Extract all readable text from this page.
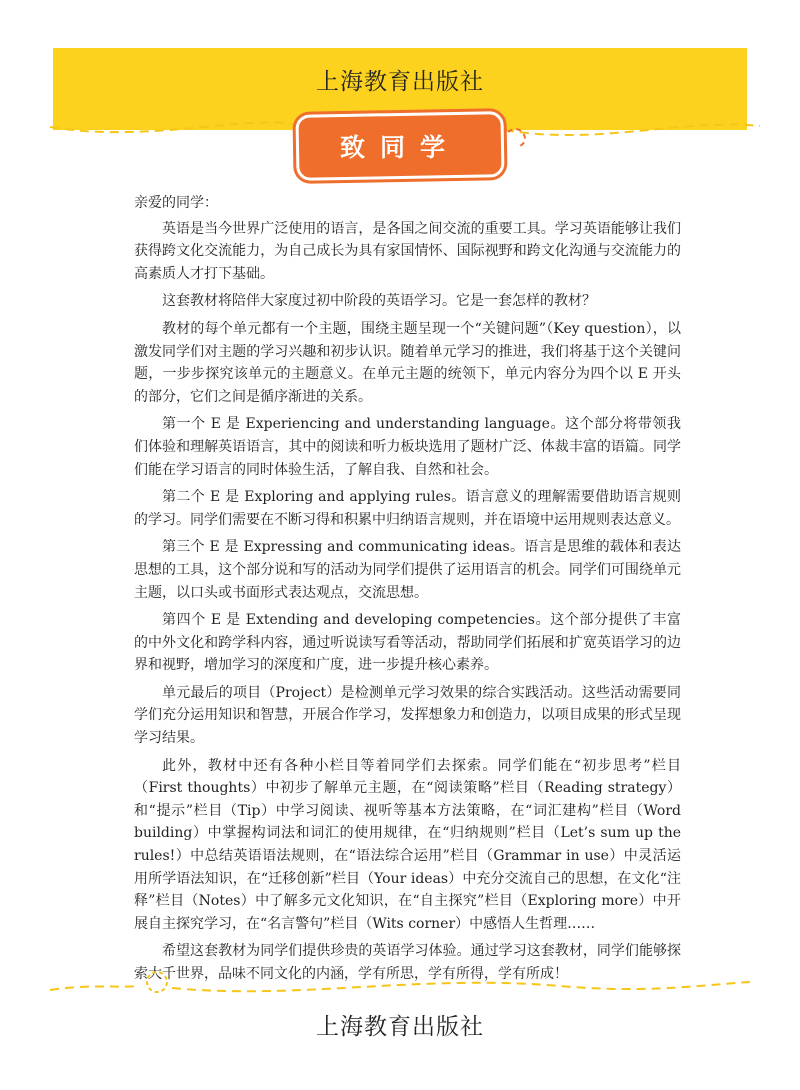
上海教育出版社
致同学

亲爱的同学：

英语是当今世界广泛使用的语言，是各国之间交流的重要工具。学习英语能够让我们获得跨文化交流能力，为自己成长为具有家国情怀、国际视野和跨文化沟通与交流能力的高素质人才打下基础。

这套教材将陪伴大家度过初中阶段的英语学习。它是一套怎样的教材？

教材的每个单元都有一个主题，围绕主题呈现一个“关键问题”（Key question），以激发同学们对主题的学习兴趣和初步认识。随着单元学习的推进，我们将基于这个关键问题，一步步探究该单元的主题意义。在单元主题的统领下，单元内容分为四个以 E 开头的部分，它们之间是循序渐进的关系。

第一个 E 是 Experiencing and understanding language。这个部分将带领我们体验和理解英语语言，其中的阅读和听力板块选用了题材广泛、体裁丰富的语篇。同学们能在学习语言的同时体验生活，了解自我、自然和社会。

第二个 E 是 Exploring and applying rules。语言意义的理解需要借助语言规则的学习。同学们需要在不断习得和积累中归纳语言规则，并在语境中运用规则表达意义。

第三个 E 是 Expressing and communicating ideas。语言是思维的载体和表达思想的工具，这个部分说和写的活动为同学们提供了运用语言的机会。同学们可围绕单元主题，以口头或书面形式表达观点，交流思想。

第四个 E 是 Extending and developing competencies。这个部分提供了丰富的中外文化和跨学科内容，通过听说读写看等活动，帮助同学们拓展和扩宽英语学习的边界和视野，增加学习的深度和广度，进一步提升核心素养。

单元最后的项目（Project）是检测单元学习效果的综合实践活动。这些活动需要同学们充分运用知识和智慧，开展合作学习，发挥想象力和创造力，以项目成果的形式呈现学习结果。

此外，教材中还有各种小栏目等着同学们去探索。同学们能在“初步思考”栏目（First thoughts）中初步了解单元主题，在“阅读策略”栏目（Reading strategy）和“提示”栏目（Tip）中学习阅读、视听等基本方法策略，在“词汇建构”栏目（Word building）中掌握构词法和词汇的使用规律，在“归纳规则”栏目（Let’s sum up the rules!）中总结英语语法规则，在“语法综合运用”栏目（Grammar in use）中灵活运用所学语法知识，在“迁移创新”栏目（Your ideas）中充分交流自己的思想，在文化“注释”栏目（Notes）中了解多元文化知识，在“自主探究”栏目（Exploring more）中开展自主探究学习，在“名言警句”栏目（Wits corner）中感悟人生哲理……

希望这套教材为同学们提供珍贵的英语学习体验。通过学习这套教材，同学们能够探索大千世界，品味不同文化的内涵，学有所思，学有所得，学有所成！

上海教育出版社
